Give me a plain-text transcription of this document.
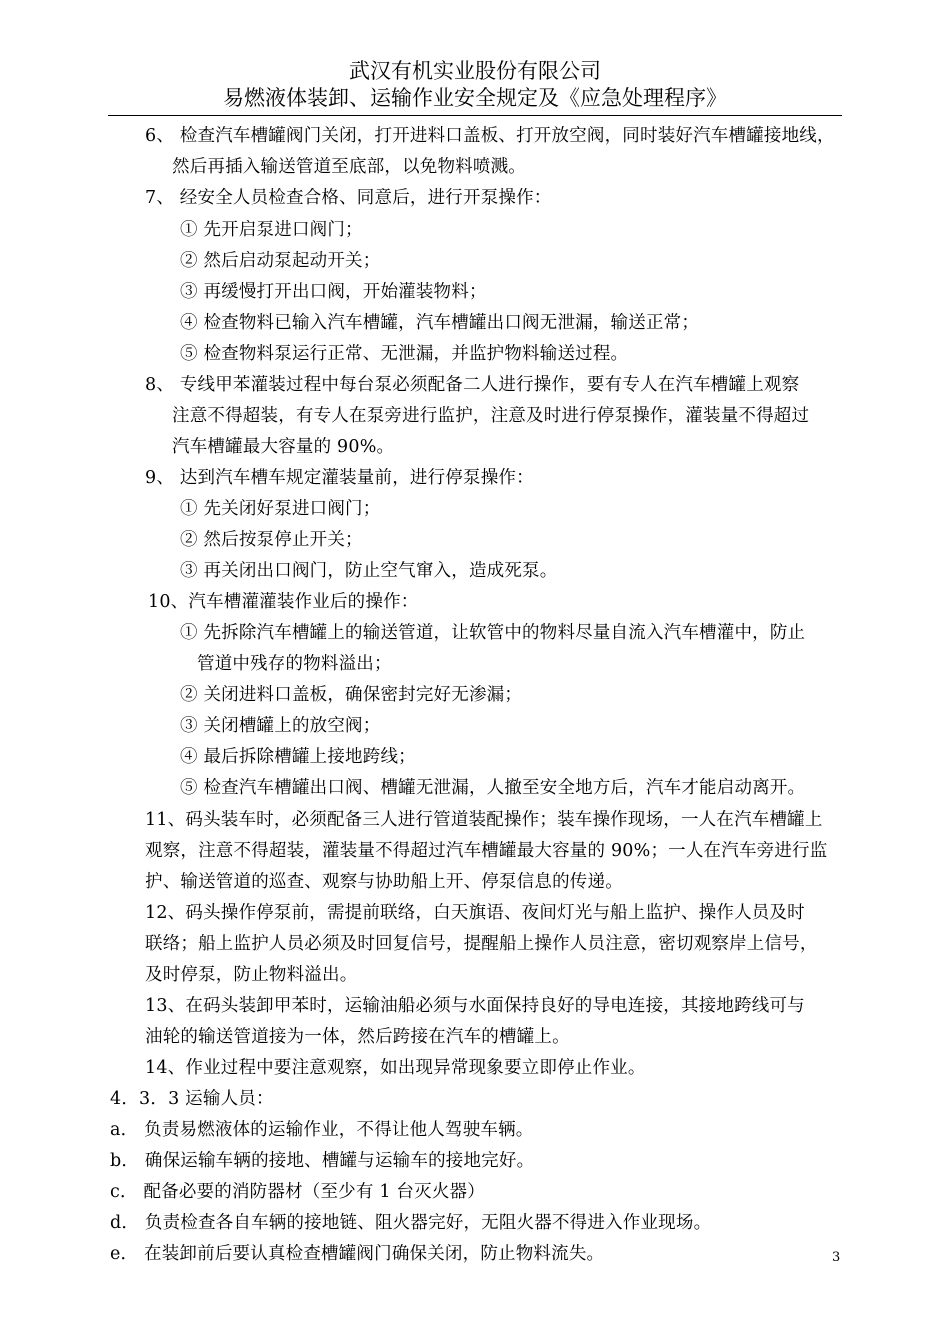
武汉有机实业股份有限公司
易燃液体装卸、运输作业安全规定及《应急处理程序》
6、 检查汽车槽罐阀门关闭，打开进料口盖板、打开放空阀，同时装好汽车槽罐接地线，
然后再插入输送管道至底部，以免物料喷溅。
7、 经安全人员检查合格、同意后，进行开泵操作：
① 先开启泵进口阀门；
② 然后启动泵起动开关；
③ 再缓慢打开出口阀，开始灌装物料；
④ 检查物料已输入汽车槽罐，汽车槽罐出口阀无泄漏，输送正常；
⑤ 检查物料泵运行正常、无泄漏，并监护物料输送过程。
8、 专线甲苯灌装过程中每台泵必须配备二人进行操作，要有专人在汽车槽罐上观察
注意不得超装，有专人在泵旁进行监护，注意及时进行停泵操作，灌装量不得超过
汽车槽罐最大容量的 90%。
9、 达到汽车槽车规定灌装量前，进行停泵操作：
① 先关闭好泵进口阀门；
② 然后按泵停止开关；
③ 再关闭出口阀门，防止空气窜入，造成死泵。
10、汽车槽灌灌装作业后的操作：
① 先拆除汽车槽罐上的输送管道，让软管中的物料尽量自流入汽车槽灌中，防止
管道中残存的物料溢出；
② 关闭进料口盖板，确保密封完好无渗漏；
③ 关闭槽罐上的放空阀；
④ 最后拆除槽罐上接地跨线；
⑤ 检查汽车槽罐出口阀、槽罐无泄漏，人撤至安全地方后，汽车才能启动离开。
11、码头装车时，必须配备三人进行管道装配操作；装车操作现场，一人在汽车槽罐上
观察，注意不得超装，灌装量不得超过汽车槽罐最大容量的 90%；一人在汽车旁进行监
护、输送管道的巡查、观察与协助船上开、停泵信息的传递。
12、码头操作停泵前，需提前联络，白天旗语、夜间灯光与船上监护、操作人员及时
联络；船上监护人员必须及时回复信号，提醒船上操作人员注意，密切观察岸上信号，
及时停泵，防止物料溢出。
13、在码头装卸甲苯时，运输油船必须与水面保持良好的导电连接，其接地跨线可与
油轮的输送管道接为一体，然后跨接在汽车的槽罐上。
14、作业过程中要注意观察，如出现异常现象要立即停止作业。
4．3．3 运输人员：
a． 负责易燃液体的运输作业，不得让他人驾驶车辆。
b． 确保运输车辆的接地、槽罐与运输车的接地完好。
c． 配备必要的消防器材（至少有 1 台灭火器）
d． 负责检查各自车辆的接地链、阻火器完好，无阻火器不得进入作业现场。
e． 在装卸前后要认真检查槽罐阀门确保关闭，防止物料流失。	3
